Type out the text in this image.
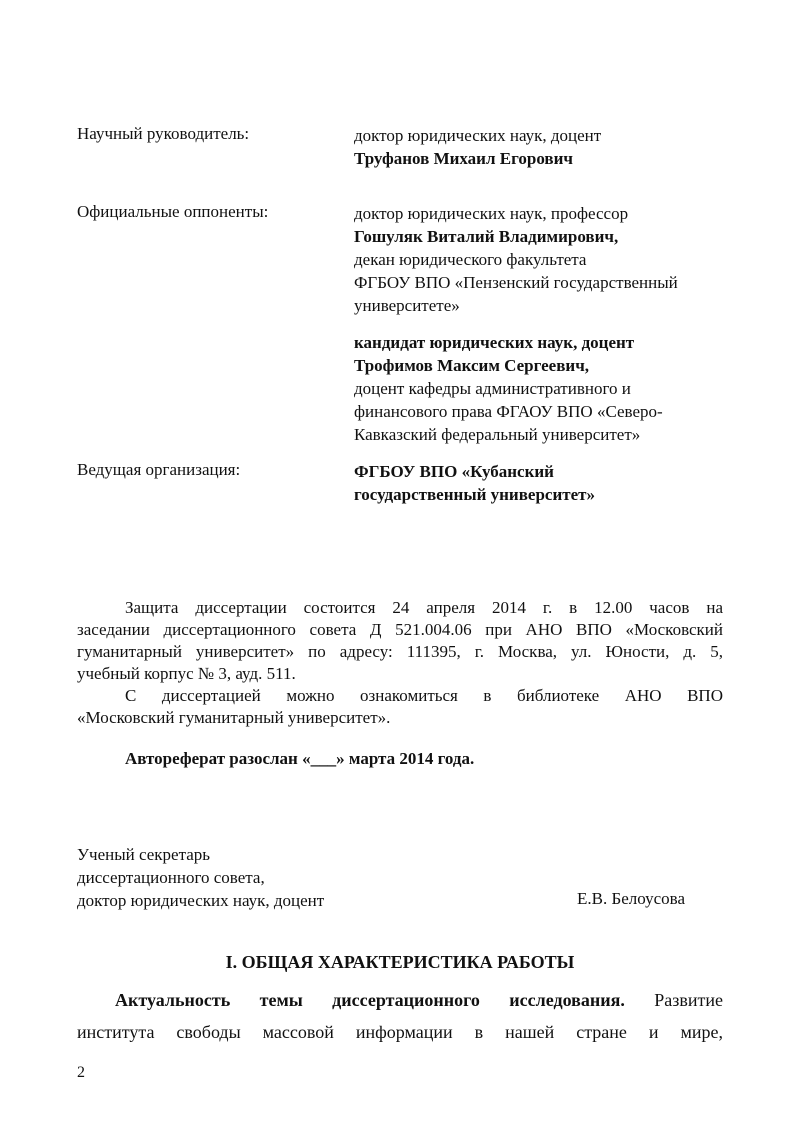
Научный руководитель:	доктор юридических наук, доцент
Труфанов Михаил Егорович
Официальные оппоненты:	доктор юридических наук, профессор
Гошуляк Виталий Владимирович,
декан юридического факультета
ФГБОУ ВПО «Пензенский государственный
университете»
кандидат юридических наук, доцент
Трофимов Максим Сергеевич,
доцент кафедры административного и
финансового права ФГАОУ ВПО «Северо-
Кавказский федеральный университет»
Ведущая организация:	ФГБОУ ВПО «Кубанский
государственный университет»
Защита диссертации состоится 24 апреля 2014 г. в 12.00 часов на
заседании диссертационного совета Д 521.004.06 при АНО ВПО «Московский
гуманитарный университет» по адресу: 111395, г. Москва, ул. Юности, д. 5,
учебный корпус № 3, ауд. 511.
С диссертацией можно ознакомиться в библиотеке АНО ВПО
«Московский гуманитарный университет».
Автореферат разослан «___» марта 2014 года.
Ученый секретарь
диссертационного совета,
доктор юридических наук, доцент	Е.В. Белоусова
I. ОБЩАЯ ХАРАКТЕРИСТИКА РАБОТЫ
Актуальность темы диссертационного исследования. Развитие
института свободы массовой информации в нашей стране и мире,
2
